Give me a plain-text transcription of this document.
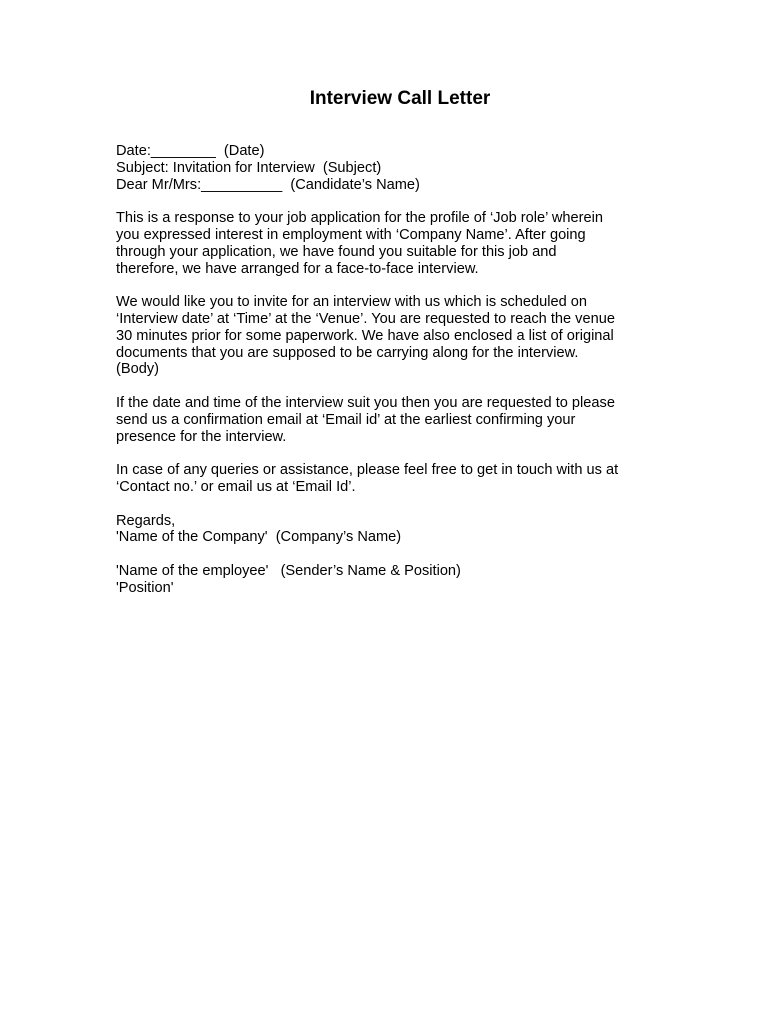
Interview Call Letter
Date:________  (Date)
Subject: Invitation for Interview  (Subject)
Dear Mr/Mrs:__________  (Candidate’s Name)
This is a response to your job application for the profile of ‘Job role’ wherein
you expressed interest in employment with ‘Company Name’. After going
through your application, we have found you suitable for this job and
therefore, we have arranged for a face-to-face interview.
We would like you to invite for an interview with us which is scheduled on
‘Interview date’ at ‘Time’ at the ‘Venue’. You are requested to reach the venue
30 minutes prior for some paperwork. We have also enclosed a list of original
documents that you are supposed to be carrying along for the interview.
(Body)
If the date and time of the interview suit you then you are requested to please
send us a confirmation email at ‘Email id’ at the earliest confirming your
presence for the interview.
In case of any queries or assistance, please feel free to get in touch with us at
‘Contact no.’ or email us at ‘Email Id’.
Regards,
'Name of the Company'  (Company’s Name)
'Name of the employee'   (Sender’s Name & Position)
'Position'
